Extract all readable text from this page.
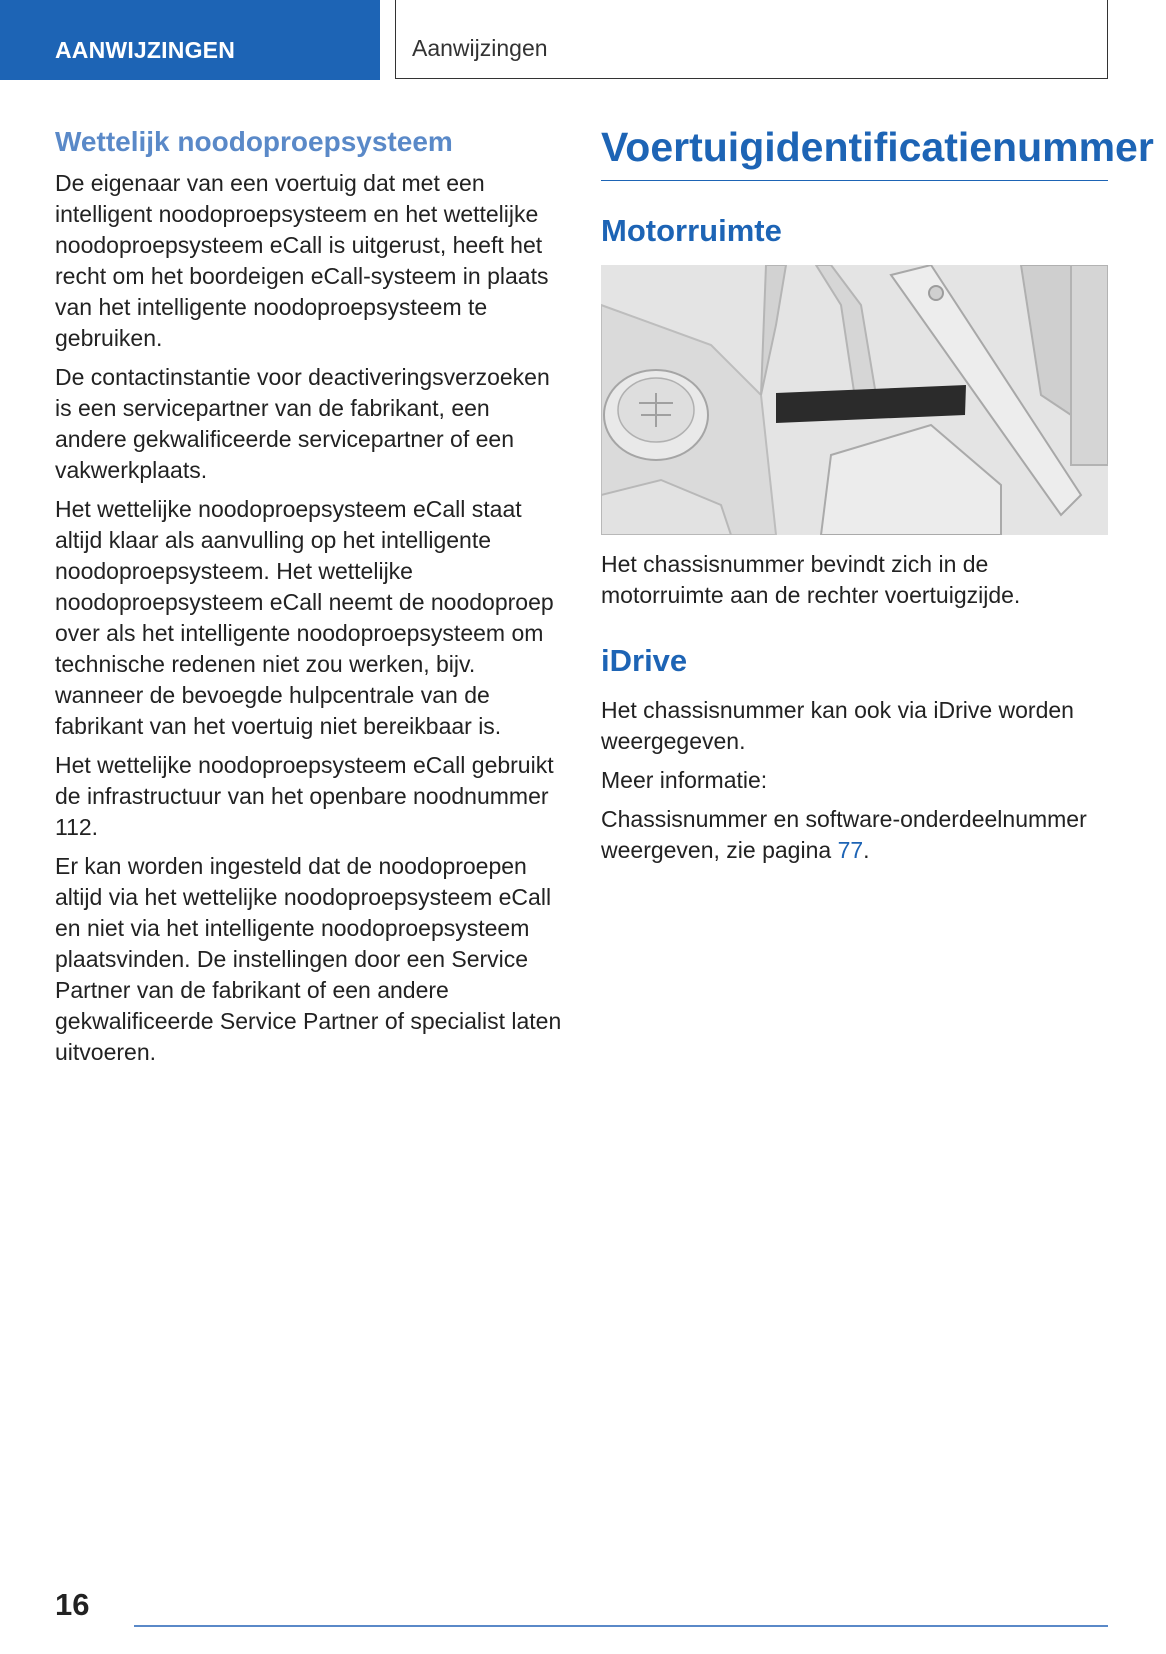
AANWIJZINGEN	Aanwijzingen
Wettelijk noodoproepsysteem

De eigenaar van een voertuig dat met een intelligent noodoproepsysteem en het wettelijke noodoproepsysteem eCall is uitgerust, heeft het recht om het boordeigen eCall-systeem in plaats van het intelligente noodoproepsysteem te gebruiken.

De contactinstantie voor deactiveringsverzoeken is een servicepartner van de fabrikant, een andere gekwalificeerde servicepartner of een vakwerkplaats.

Het wettelijke noodoproepsysteem eCall staat altijd klaar als aanvulling op het intelligente noodoproepsysteem. Het wettelijke noodoproepsysteem eCall neemt de noodoproep over als het intelligente noodoproepsysteem om technische redenen niet zou werken, bijv. wanneer de bevoegde hulpcentrale van de fabrikant van het voertuig niet bereikbaar is.

Het wettelijke noodoproepsysteem eCall gebruikt de infrastructuur van het openbare noodnummer 112.

Er kan worden ingesteld dat de noodoproepen altijd via het wettelijke noodoproepsysteem eCall en niet via het intelligente noodoproepsysteem plaatsvinden. De instellingen door een Service Partner van de fabrikant of een andere gekwalificeerde Service Partner of specialist laten uitvoeren.

Voertuigidentificatienummer
Motorruimte

Het chassisnummer bevindt zich in de motorruimte aan de rechter voertuigzijde.

iDrive

Het chassisnummer kan ook via iDrive worden weergegeven.

Meer informatie:

Chassisnummer en software-onderdeelnummer weergeven, zie pagina 77.

16
